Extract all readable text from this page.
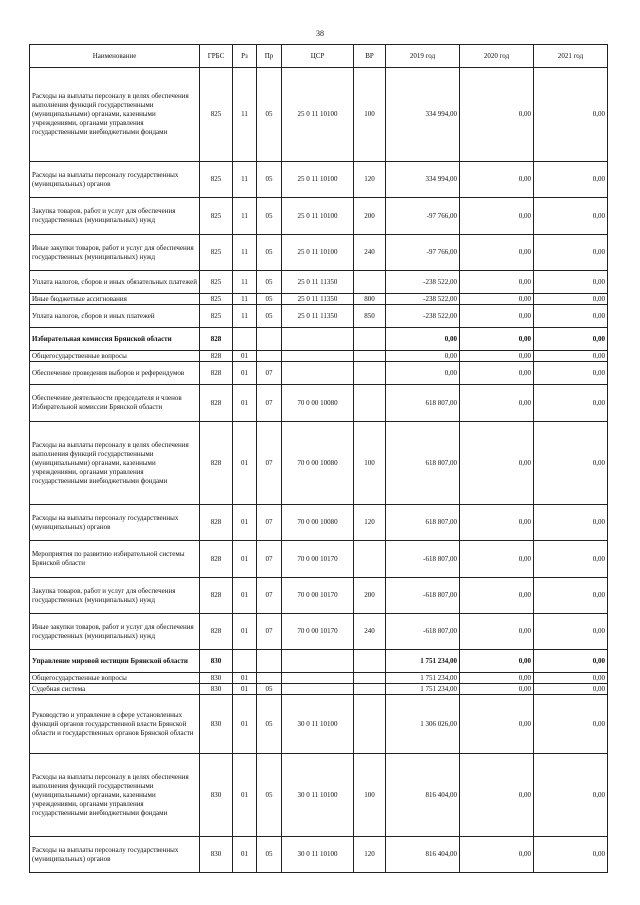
38
Наименование	ГРБС	Рз	Пр	ЦСР	ВР	2019 год	2020 год	2021 год
Расходы на выплаты персоналу в целях обеспечения выполнения функций государственными (муниципальными) органами, казенными учреждениями, органами управления государственными внебюджетными фондами	825	11	05	25 0 11 10100	100	334 994,00	0,00	0,00
Расходы на выплаты персоналу государственных (муниципальных) органов	825	11	05	25 0 11 10100	120	334 994,00	0,00	0,00
Закупка товаров, работ и услуг для обеспечения государственных (муниципальных) нужд	825	11	05	25 0 11 10100	200	-97 766,00	0,00	0,00
Иные закупки товаров, работ и услуг для обеспечения государственных (муниципальных) нужд	825	11	05	25 0 11 10100	240	-97 766,00	0,00	0,00
Уплата налогов, сборов и иных обязательных платежей	825	11	05	25 0 11 11350		-238 522,00	0,00	0,00
Иные бюджетные ассигнования	825	11	05	25 0 11 11350	800	-238 522,00	0,00	0,00
Уплата налогов, сборов и иных платежей	825	11	05	25 0 11 11350	850	-238 522,00	0,00	0,00
Избирательная комиссия Брянской области	828					0,00	0,00	0,00
Общегосударственные вопросы	828	01				0,00	0,00	0,00
Обеспечение проведения выборов и референдумов	828	01	07			0,00	0,00	0,00
Обеспечение деятельности председателя и членов Избирательной комиссии Брянской области	828	01	07	70 0 00 10080		618 807,00	0,00	0,00
Расходы на выплаты персоналу в целях обеспечения выполнения функций государственными (муниципальными) органами, казенными учреждениями, органами управления государственными внебюджетными фондами	828	01	07	70 0 00 10080	100	618 807,00	0,00	0,00
Расходы на выплаты персоналу государственных (муниципальных) органов	828	01	07	70 0 00 10080	120	618 807,00	0,00	0,00
Мероприятия по развитию избирательной системы Брянской области	828	01	07	70 0 00 10170		-618 807,00	0,00	0,00
Закупка товаров, работ и услуг для обеспечения государственных (муниципальных) нужд	828	01	07	70 0 00 10170	200	-618 807,00	0,00	0,00
Иные закупки товаров, работ и услуг для обеспечения государственных (муниципальных) нужд	828	01	07	70 0 00 10170	240	-618 807,00	0,00	0,00
Управление мировой юстиции Брянской области	830					1 751 234,00	0,00	0,00
Общегосударственные вопросы	830	01				1 751 234,00	0,00	0,00
Судебная система	830	01	05			1 751 234,00	0,00	0,00
Руководство и управление в сфере установленных функций органов государственной власти Брянской области и государственных органов Брянской области	830	01	05	30 0 11 10100		1 306 026,00	0,00	0,00
Расходы на выплаты персоналу в целях обеспечения выполнения функций государственными (муниципальными) органами, казенными учреждениями, органами управления государственными внебюджетными фондами	830	01	05	30 0 11 10100	100	816 404,00	0,00	0,00
Расходы на выплаты персоналу государственных (муниципальных) органов	830	01	05	30 0 11 10100	120	816 404,00	0,00	0,00
